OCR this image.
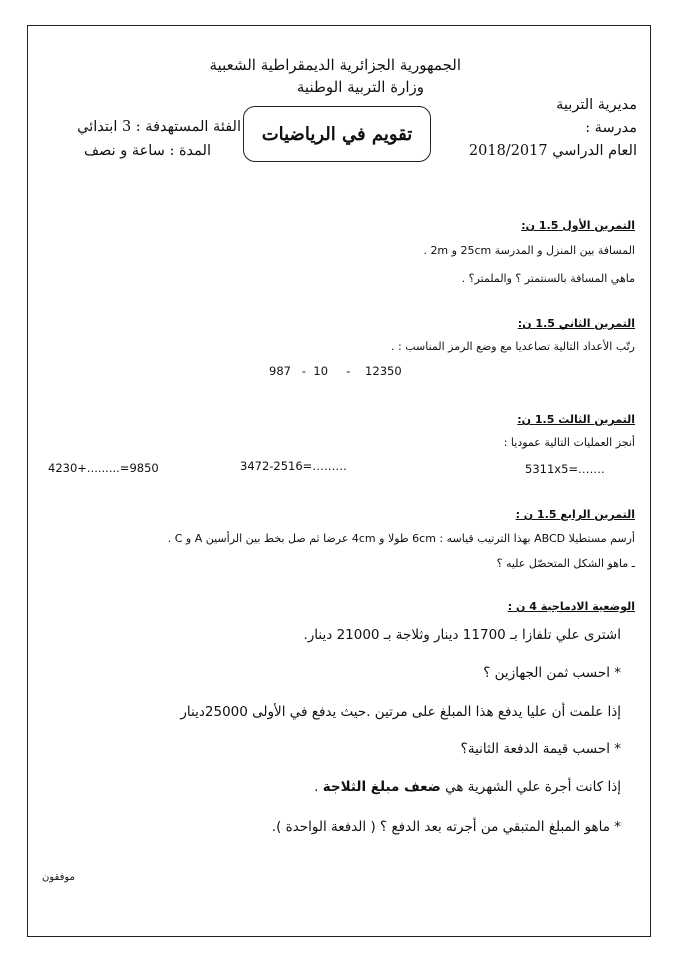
الجمهورية الجزائرية الديمقراطية الشعبية
وزارة التربية الوطنية
مديرية التربية
مدرسة :
العام الدراسي 2018/2017
تقويم في الرياضيات
الفئة المستهدفة : 3 ابتدائي
المدة : ساعة و نصف
التمرين الأول 1.5 ن:
المسافة بين المنزل و المدرسة 25cm و 2m .
ماهي المسافة بالسنتمتر ؟ والملمتر؟ .
التمرين الثاني 1.5 ن:
رتّب الأعداد التالية تصاعديا مع وضع الرمز المناسب : .
987   -  10     -    12350
التمرين الثالث 1.5 ن:
أنجز العمليات التالية عموديا :
5311x5=…….
3472-2516=………
4230+.........=9850
التمرين الرابع 1.5 ن :
أرسم مستطيلا ABCD بهذا الترتيب قياسه : 6cm طولا و 4cm عرضا ثم صل بخط بين الرأسين A و C .
ـ ماهو الشكل المتحصّل عليه ؟
الوضعية الادماجية 4 ن :
اشترى علي تلفازا بـ 11700 دينار وثلاجة بـ 21000 دينار.
* احسب ثمن الجهازين ؟
إذا علمت أن عليا يدفع هذا المبلغ على مرتين .حيث يدفع في الأولى 25000دينار
* احسب قيمة الدفعة الثانية؟
إذا كانت أجرة علي الشهرية هي ضعف مبلغ الثلاجة .
* ماهو المبلغ المتبقي من أجرته بعد الدفع ؟ ( الدفعة الواحدة ).
موفقون
